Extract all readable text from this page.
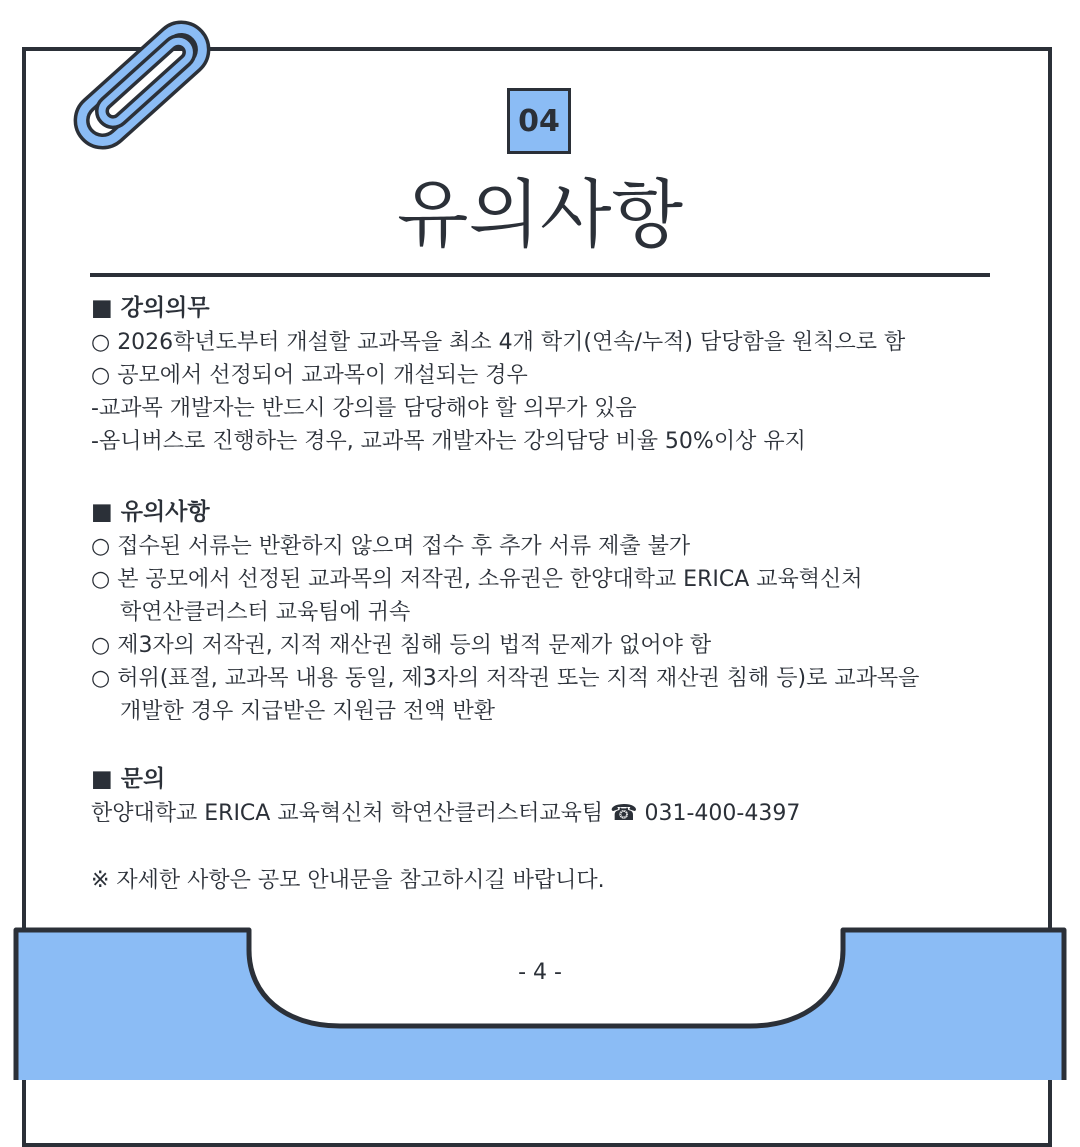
04
유의사항
■ 강의의무
○ 2026학년도부터 개설할 교과목을 최소 4개 학기(연속/누적) 담당함을 원칙으로 함
○ 공모에서 선정되어 교과목이 개설되는 경우
-교과목 개발자는 반드시 강의를 담당해야 할 의무가 있음
-옴니버스로 진행하는 경우, 교과목 개발자는 강의담당 비율 50%이상 유지
■ 유의사항
○ 접수된 서류는 반환하지 않으며 접수 후 추가 서류 제출 불가
○ 본 공모에서 선정된 교과목의 저작권, 소유권은 한양대학교 ERICA 교육혁신처
학연산클러스터 교육팀에 귀속
○ 제3자의 저작권, 지적 재산권 침해 등의 법적 문제가 없어야 함
○ 허위(표절, 교과목 내용 동일, 제3자의 저작권 또는 지적 재산권 침해 등)로 교과목을
개발한 경우 지급받은 지원금 전액 반환
■ 문의
한양대학교 ERICA 교육혁신처 학연산클러스터교육팀 ☎ 031-400-4397
※ 자세한 사항은 공모 안내문을 참고하시길 바랍니다.
- 4 -
